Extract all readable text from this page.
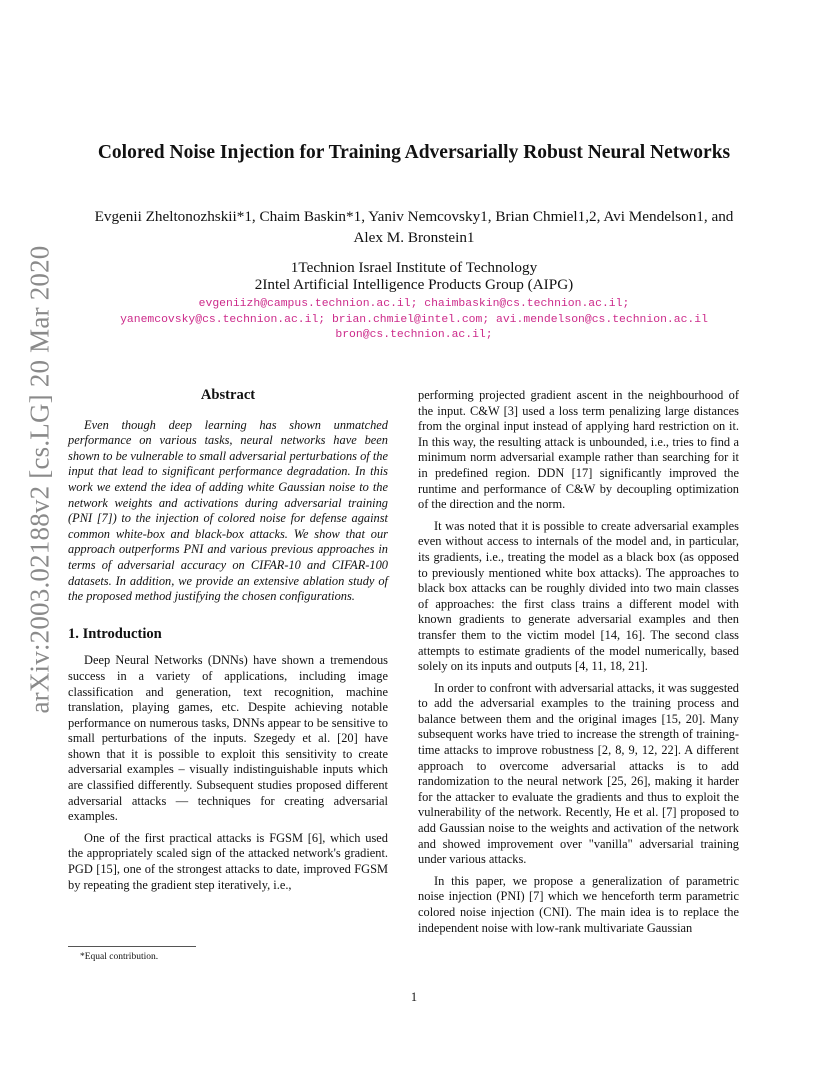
arXiv:2003.02188v2 [cs.LG] 20 Mar 2020
Colored Noise Injection for Training Adversarially Robust Neural Networks

Evgenii Zheltonozhskii*1, Chaim Baskin*1, Yaniv Nemcovsky1, Brian Chmiel1,2, Avi Mendelson1, and Alex M. Bronstein1

1Technion Israel Institute of Technology

2Intel Artificial Intelligence Products Group (AIPG)

evgeniizh@campus.technion.ac.il; chaimbaskin@cs.technion.ac.il;
yanemcovsky@cs.technion.ac.il; brian.chmiel@intel.com; avi.mendelson@cs.technion.ac.il
bron@cs.technion.ac.il;
Abstract

Even though deep learning has shown unmatched performance on various tasks, neural networks have been shown to be vulnerable to small adversarial perturbations of the input that lead to significant performance degradation. In this work we extend the idea of adding white Gaussian noise to the network weights and activations during adversarial training (PNI [7]) to the injection of colored noise for defense against common white-box and black-box attacks. We show that our approach outperforms PNI and various previous approaches in terms of adversarial accuracy on CIFAR-10 and CIFAR-100 datasets. In addition, we provide an extensive ablation study of the proposed method justifying the chosen configurations.

1. Introduction

Deep Neural Networks (DNNs) have shown a tremendous success in a variety of applications, including image classification and generation, text recognition, machine translation, playing games, etc. Despite achieving notable performance on numerous tasks, DNNs appear to be sensitive to small perturbations of the inputs. Szegedy et al. [20] have shown that it is possible to exploit this sensitivity to create adversarial examples – visually indistinguishable inputs which are classified differently. Subsequent studies proposed different adversarial attacks — techniques for creating adversarial examples.

One of the first practical attacks is FGSM [6], which used the appropriately scaled sign of the attacked network's gradient. PGD [15], one of the strongest attacks to date, improved FGSM by repeating the gradient step iteratively, i.e.,

performing projected gradient ascent in the neighbourhood of the input. C&W [3] used a loss term penalizing large distances from the orginal input instead of applying hard restriction on it. In this way, the resulting attack is unbounded, i.e., tries to find a minimum norm adversarial example rather than searching for it in predefined region. DDN [17] significantly improved the runtime and performance of C&W by decoupling optimization of the direction and the norm.

It was noted that it is possible to create adversarial examples even without access to internals of the model and, in particular, its gradients, i.e., treating the model as a black box (as opposed to previously mentioned white box attacks). The approaches to black box attacks can be roughly divided into two main classes of approaches: the first class trains a different model with known gradients to generate adversarial examples and then transfer them to the victim model [14, 16]. The second class attempts to estimate gradients of the model numerically, based solely on its inputs and outputs [4, 11, 18, 21].

In order to confront with adversarial attacks, it was suggested to add the adversarial examples to the training process and balance between them and the original images [15, 20]. Many subsequent works have tried to increase the strength of training-time attacks to improve robustness [2, 8, 9, 12, 22]. A different approach to overcome adversarial attacks is to add randomization to the neural network [25, 26], making it harder for the attacker to evaluate the gradients and thus to exploit the vulnerability of the network. Recently, He et al. [7] proposed to add Gaussian noise to the weights and activation of the network and showed improvement over "vanilla" adversarial training under various attacks.

In this paper, we propose a generalization of parametric noise injection (PNI) [7] which we henceforth term parametric colored noise injection (CNI). The main idea is to replace the independent noise with low-rank multivariate Gaussian

*Equal contribution.
1
